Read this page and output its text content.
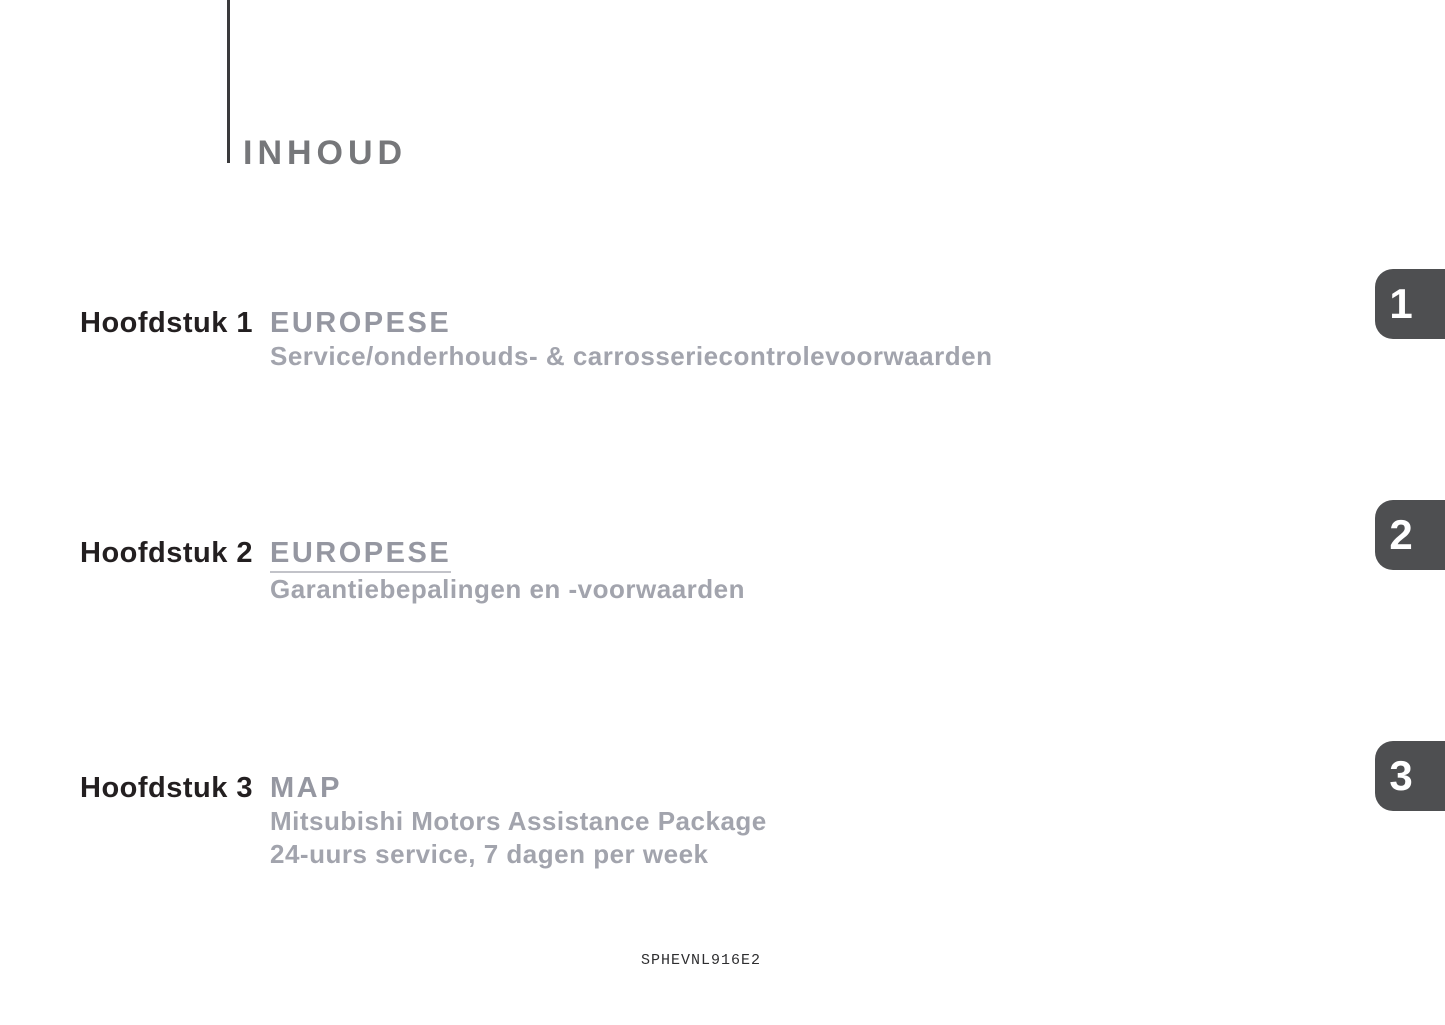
INHOUD
Hoofdstuk 1 EUROPESE
Service/onderhouds- & carrosseriecontrolevoorwaarden
Hoofdstuk 2 EUROPESE
Garantiebepalingen en -voorwaarden
Hoofdstuk 3 MAP
Mitsubishi Motors Assistance Package
24-uurs service, 7 dagen per week
1
2
3
SPHEVNL916E2
